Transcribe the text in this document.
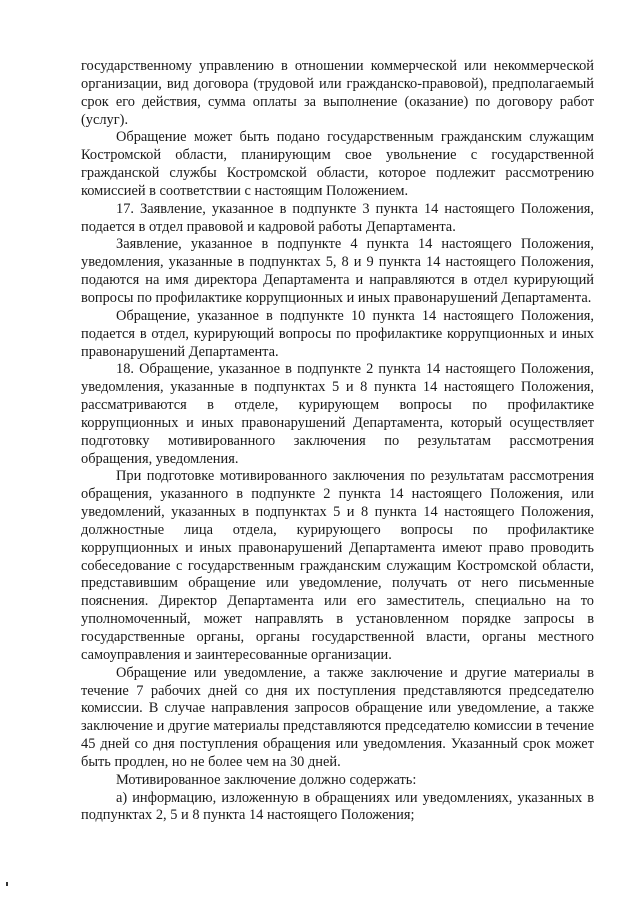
государственному управлению в отношении коммерческой или некоммерческой организации, вид договора (трудовой или гражданско-правовой), предполагаемый срок его действия, сумма оплаты за выполнение (оказание) по договору работ (услуг).

Обращение может быть подано государственным гражданским служащим Костромской области, планирующим свое увольнение с государственной гражданской службы Костромской области, которое подлежит рассмотрению комиссией в соответствии с настоящим Положением.

17. Заявление, указанное в подпункте 3 пункта 14 настоящего Положения, подается в отдел правовой и кадровой работы Департамента.

Заявление, указанное в подпункте 4 пункта 14 настоящего Положения, уведомления, указанные в подпунктах 5, 8 и 9 пункта 14 настоящего Положения, подаются на имя директора Департамента и направляются в отдел курирующий вопросы по профилактике коррупционных и иных правонарушений Департамента.

Обращение, указанное в подпункте 10 пункта 14 настоящего Положения, подается в отдел, курирующий вопросы по профилактике коррупционных и иных правонарушений Департамента.

18. Обращение, указанное в подпункте 2 пункта 14 настоящего Положения, уведомления, указанные в подпунктах 5 и 8 пункта 14 настоящего Положения, рассматриваются в отделе, курирующем вопросы по профилактике коррупционных и иных правонарушений Департамента, который осуществляет подготовку мотивированного заключения по результатам рассмотрения обращения, уведомления.

При подготовке мотивированного заключения по результатам рассмотрения обращения, указанного в подпункте 2 пункта 14 настоящего Положения, или уведомлений, указанных в подпунктах 5 и 8 пункта 14 настоящего Положения, должностные лица отдела, курирующего вопросы по профилактике коррупционных и иных правонарушений Департамента имеют право проводить собеседование с государственным гражданским служащим Костромской области, представившим обращение или уведомление, получать от него письменные пояснения. Директор Департамента или его заместитель, специально на то уполномоченный, может направлять в установленном порядке запросы в государственные органы, органы государственной власти, органы местного самоуправления и заинтересованные организации.

Обращение или уведомление, а также заключение и другие материалы в течение 7 рабочих дней со дня их поступления представляются председателю комиссии. В случае направления запросов обращение или уведомление, а также заключение и другие материалы представляются председателю комиссии в течение 45 дней со дня поступления обращения или уведомления. Указанный срок может быть продлен, но не более чем на 30 дней.

Мотивированное заключение должно содержать:

а) информацию, изложенную в обращениях или уведомлениях, указанных в подпунктах 2, 5 и 8 пункта 14 настоящего Положения;
